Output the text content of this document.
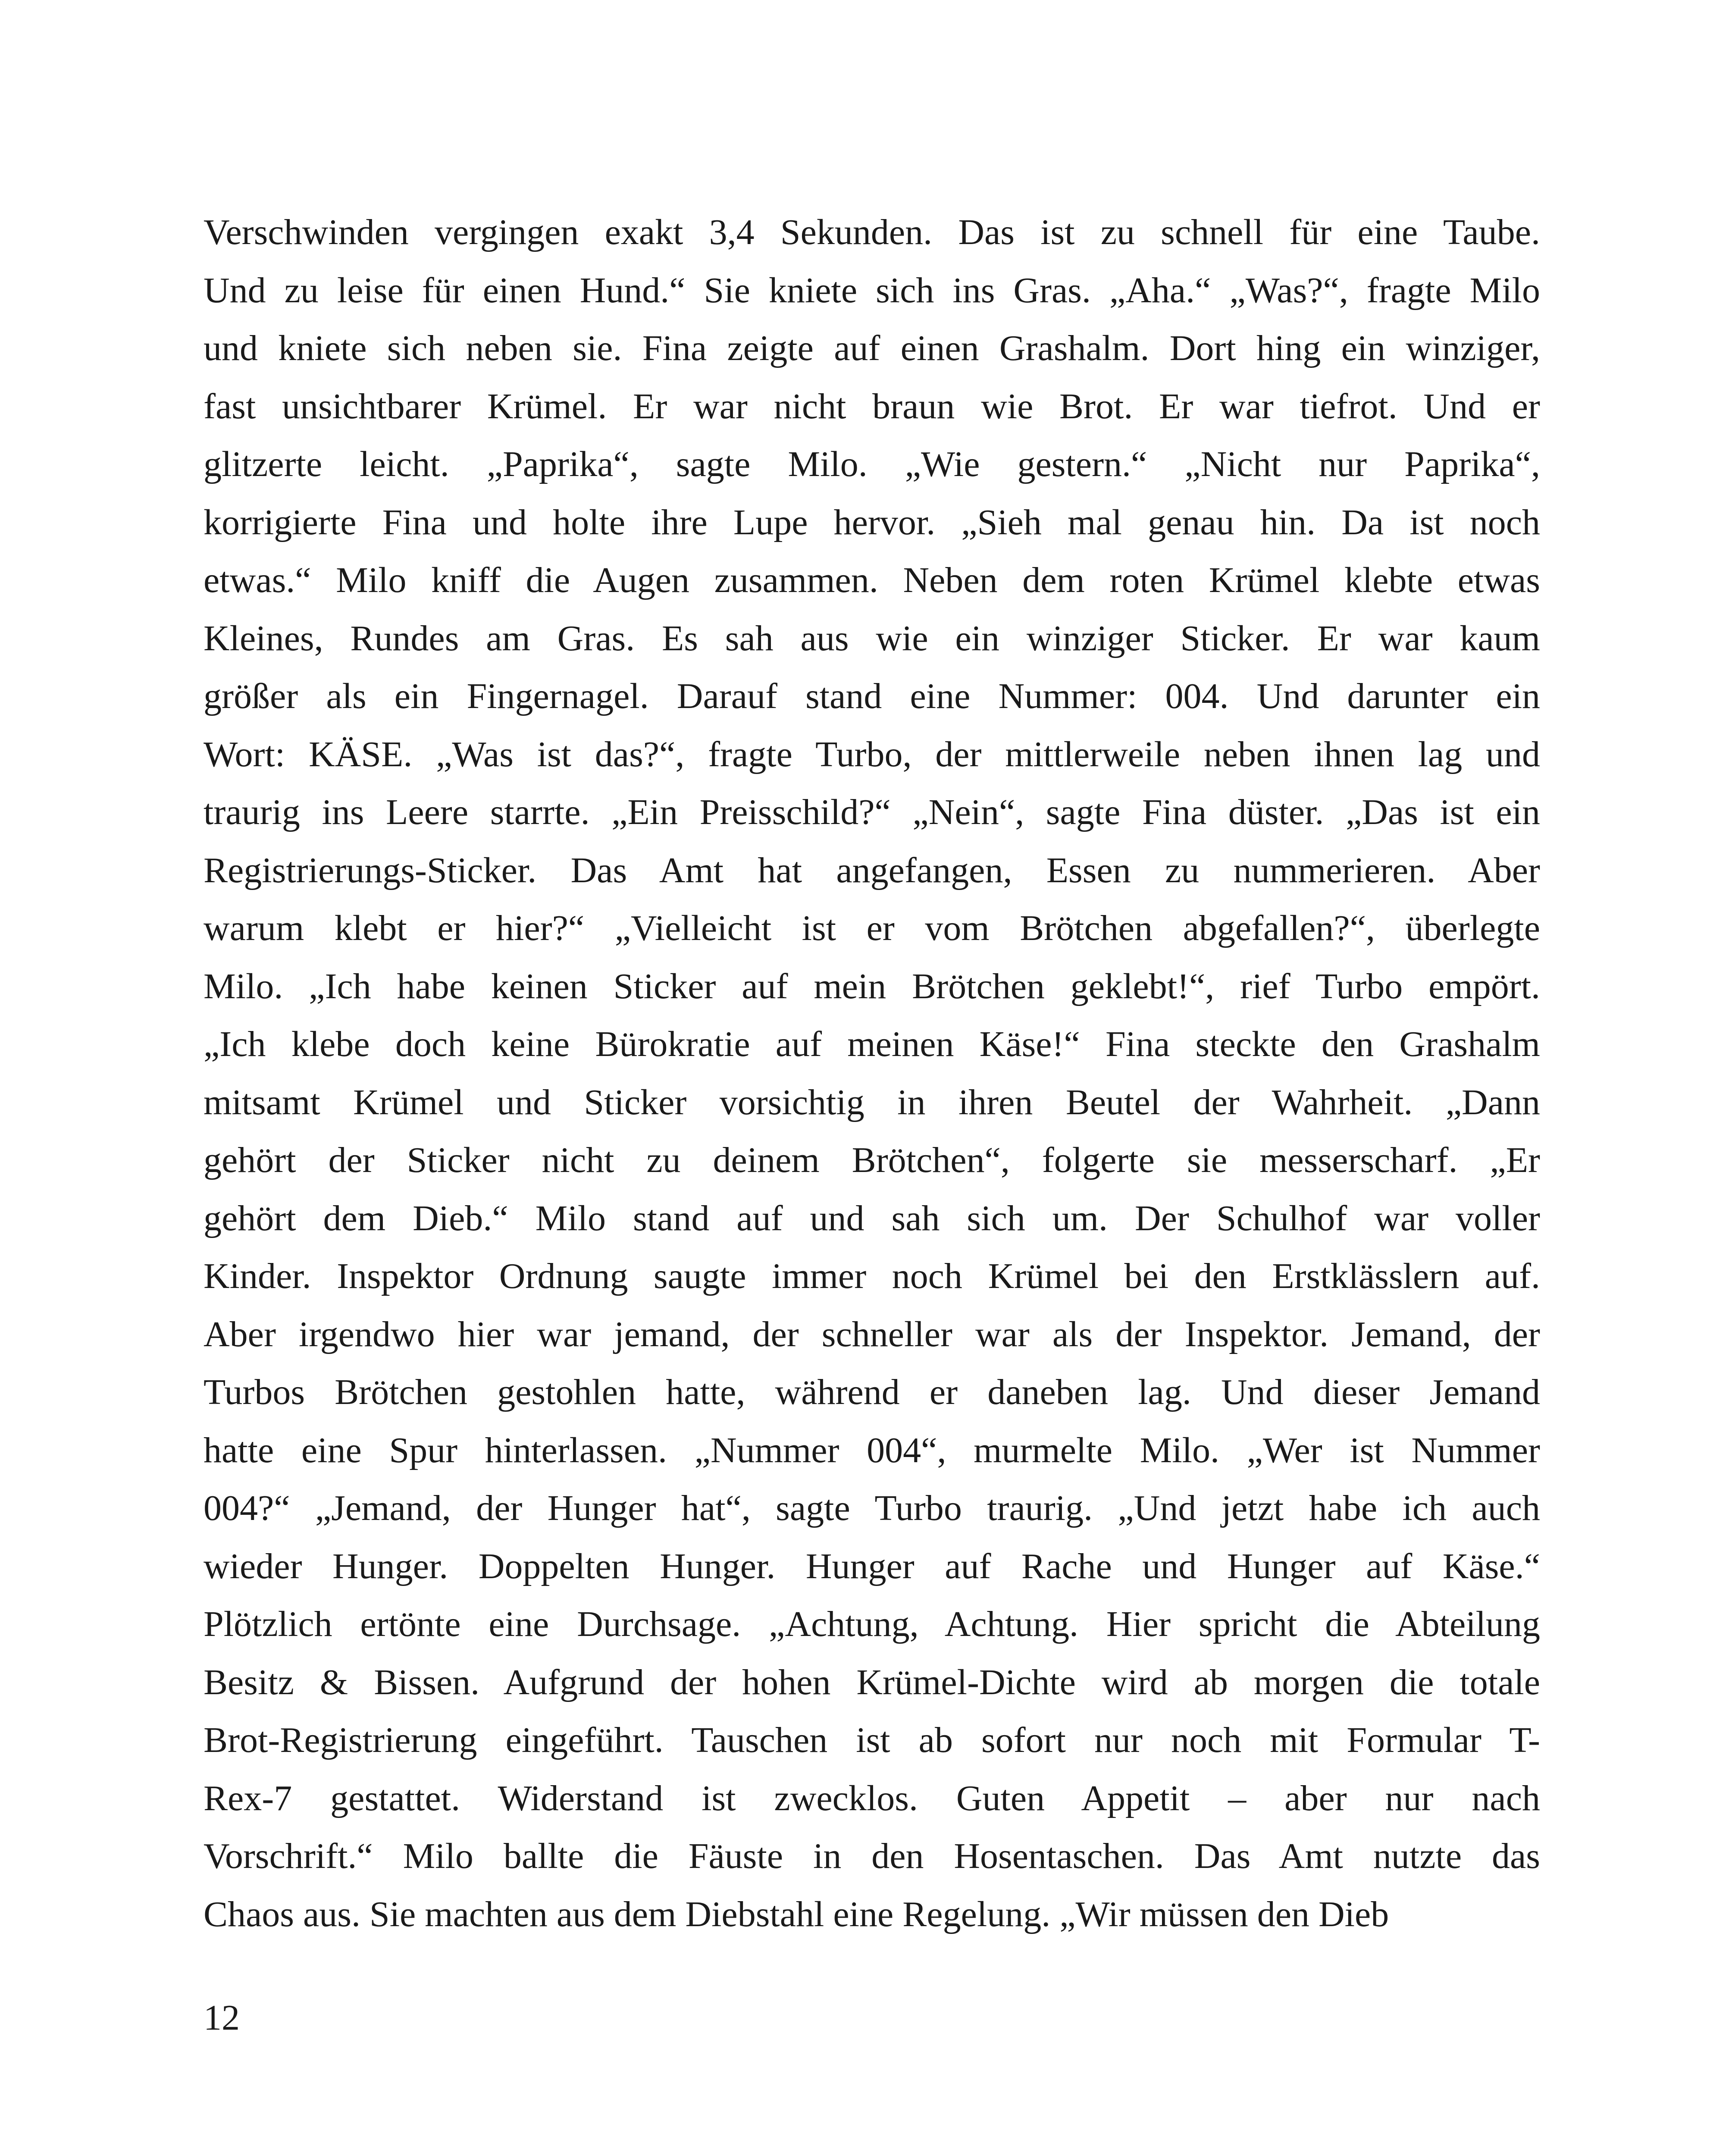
Verschwinden vergingen exakt 3,4 Sekunden. Das ist zu schnell für eine Taube.
Und zu leise für einen Hund.“ Sie kniete sich ins Gras. „Aha.“ „Was?“, fragte Milo
und kniete sich neben sie. Fina zeigte auf einen Grashalm. Dort hing ein winziger,
fast unsichtbarer Krümel. Er war nicht braun wie Brot. Er war tiefrot. Und er
glitzerte leicht. „Paprika“, sagte Milo. „Wie gestern.“ „Nicht nur Paprika“,
korrigierte Fina und holte ihre Lupe hervor. „Sieh mal genau hin. Da ist noch
etwas.“ Milo kniff die Augen zusammen. Neben dem roten Krümel klebte etwas
Kleines, Rundes am Gras. Es sah aus wie ein winziger Sticker. Er war kaum
größer als ein Fingernagel. Darauf stand eine Nummer: 004. Und darunter ein
Wort: KÄSE. „Was ist das?“, fragte Turbo, der mittlerweile neben ihnen lag und
traurig ins Leere starrte. „Ein Preisschild?“ „Nein“, sagte Fina düster. „Das ist ein
Registrierungs-Sticker. Das Amt hat angefangen, Essen zu nummerieren. Aber
warum klebt er hier?“ „Vielleicht ist er vom Brötchen abgefallen?“, überlegte
Milo. „Ich habe keinen Sticker auf mein Brötchen geklebt!“, rief Turbo empört.
„Ich klebe doch keine Bürokratie auf meinen Käse!“ Fina steckte den Grashalm
mitsamt Krümel und Sticker vorsichtig in ihren Beutel der Wahrheit. „Dann
gehört der Sticker nicht zu deinem Brötchen“, folgerte sie messerscharf. „Er
gehört dem Dieb.“ Milo stand auf und sah sich um. Der Schulhof war voller
Kinder. Inspektor Ordnung saugte immer noch Krümel bei den Erstklässlern auf.
Aber irgendwo hier war jemand, der schneller war als der Inspektor. Jemand, der
Turbos Brötchen gestohlen hatte, während er daneben lag. Und dieser Jemand
hatte eine Spur hinterlassen. „Nummer 004“, murmelte Milo. „Wer ist Nummer
004?“ „Jemand, der Hunger hat“, sagte Turbo traurig. „Und jetzt habe ich auch
wieder Hunger. Doppelten Hunger. Hunger auf Rache und Hunger auf Käse.“
Plötzlich ertönte eine Durchsage. „Achtung, Achtung. Hier spricht die Abteilung
Besitz & Bissen. Aufgrund der hohen Krümel-Dichte wird ab morgen die totale
Brot-Registrierung eingeführt. Tauschen ist ab sofort nur noch mit Formular T-
Rex-7 gestattet. Widerstand ist zwecklos. Guten Appetit – aber nur nach
Vorschrift.“ Milo ballte die Fäuste in den Hosentaschen. Das Amt nutzte das
Chaos aus. Sie machten aus dem Diebstahl eine Regelung. „Wir müssen den Dieb
12
